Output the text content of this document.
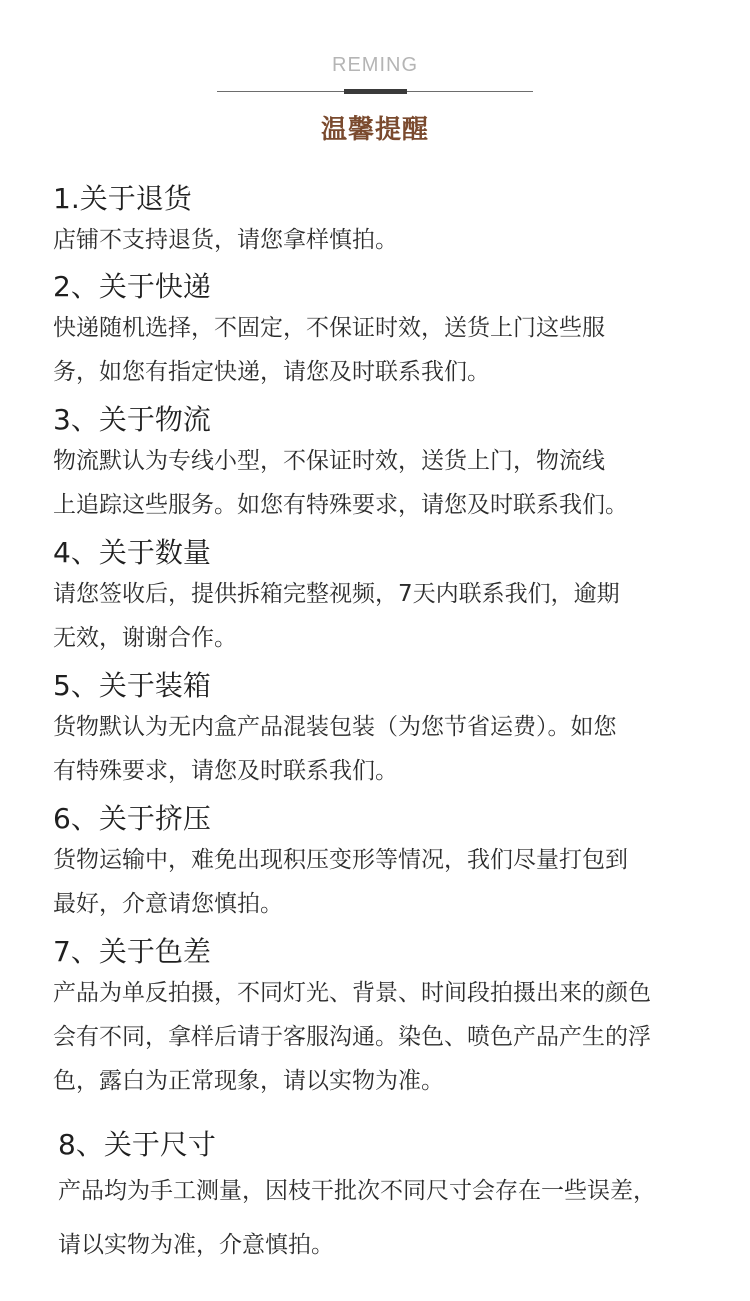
REMING
温馨提醒
1.关于退货

店铺不支持退货，请您拿样慎拍。

2、关于快递

快递随机选择，不固定，不保证时效，送货上门这些服
务，如您有指定快递，请您及时联系我们。

3、关于物流

物流默认为专线小型，不保证时效，送货上门，物流线
上追踪这些服务。如您有特殊要求，请您及时联系我们。

4、关于数量

请您签收后，提供拆箱完整视频，7天内联系我们，逾期
无效，谢谢合作。

5、关于装箱

货物默认为无内盒产品混装包装（为您节省运费）。如您
有特殊要求，请您及时联系我们。

6、关于挤压

货物运输中，难免出现积压变形等情况，我们尽量打包到
最好，介意请您慎拍。

7、关于色差

产品为单反拍摄，不同灯光、背景、时间段拍摄出来的颜色
会有不同，拿样后请于客服沟通。染色、喷色产品产生的浮
色，露白为正常现象，请以实物为准。

8、关于尺寸

产品均为手工测量，因枝干批次不同尺寸会存在一些误差，
请以实物为准，介意慎拍。
